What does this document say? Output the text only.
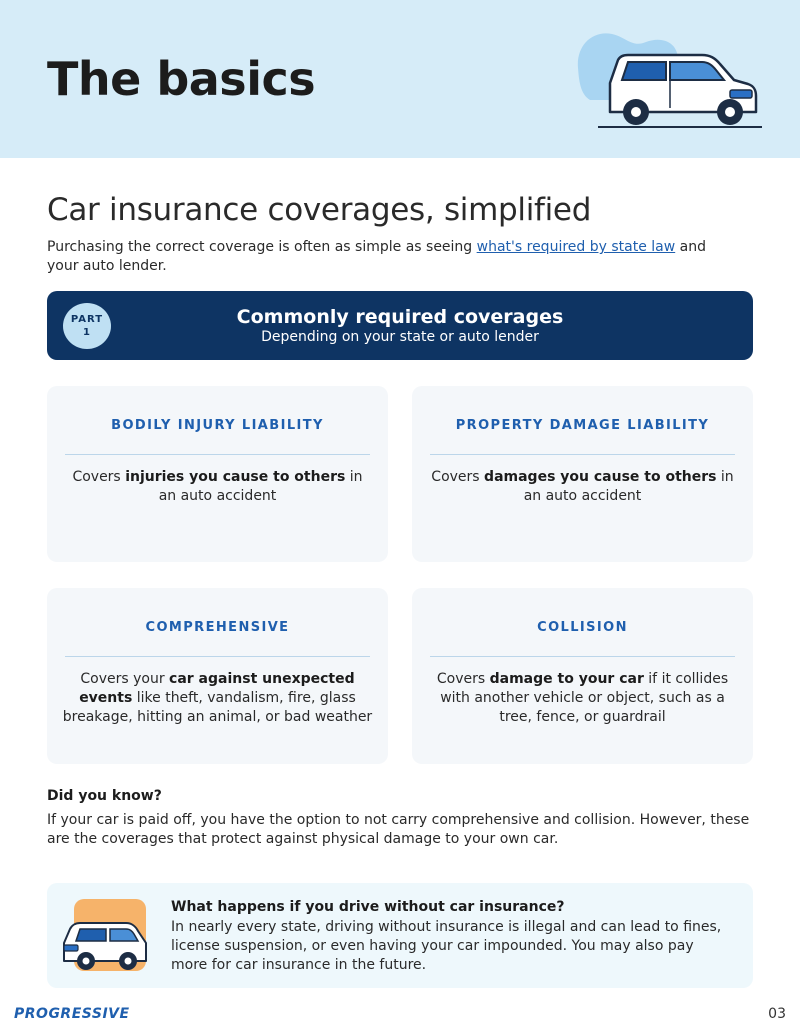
The basics
Car insurance coverages, simplified

Purchasing the correct coverage is often as simple as seeing what's required by state law and your auto lender.

PART
1
Commonly required coverages
Depending on your state or auto lender
BODILY INJURY LIABILITY

Covers injuries you cause to others in an auto accident

PROPERTY DAMAGE LIABILITY

Covers damages you cause to others in an auto accident

COMPREHENSIVE

Covers your car against unexpected events like theft, vandalism, fire, glass breakage, hitting an animal, or bad weather

COLLISION

Covers damage to your car if it collides with another vehicle or object, such as a tree, fence, or guardrail

Did you know?

If your car is paid off, you have the option to not carry comprehensive and collision. However, these are the coverages that protect against physical damage to your own car.

What happens if you drive without car insurance?

In nearly every state, driving without insurance is illegal and can lead to fines, license suspension, or even having your car impounded. You may also pay more for car insurance in the future.

PROGRESSIVE	03
